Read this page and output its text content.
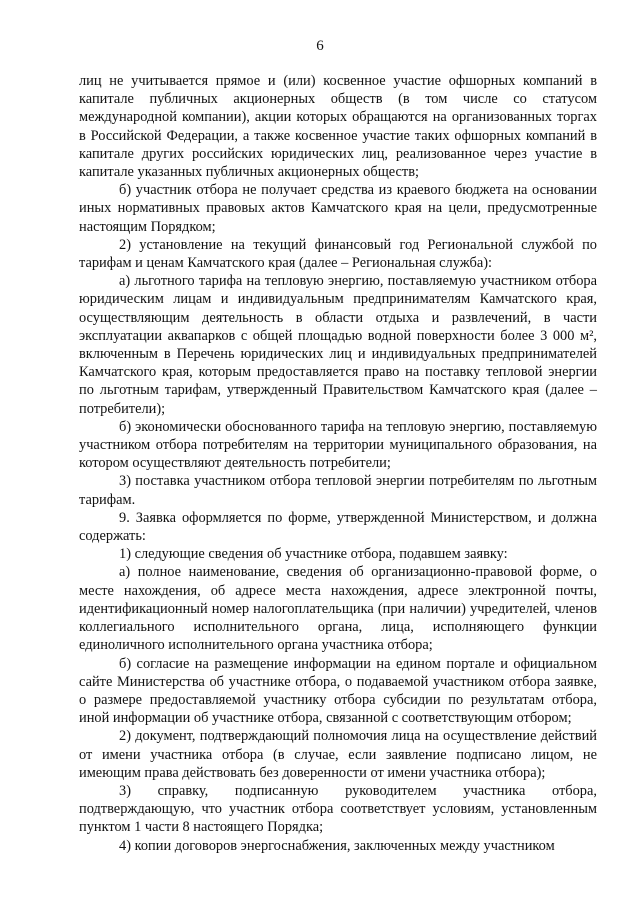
6

лиц не учитывается прямое и (или) косвенное участие офшорных компаний в капитале публичных акционерных обществ (в том числе со статусом международной компании), акции которых обращаются на организованных торгах в Российской Федерации, а также косвенное участие таких офшорных компаний в капитале других российских юридических лиц, реализованное через участие в капитале указанных публичных акционерных обществ;

б) участник отбора не получает средства из краевого бюджета на основании иных нормативных правовых актов Камчатского края на цели, предусмотренные настоящим Порядком;

2) установление на текущий финансовый год Региональной службой по тарифам и ценам Камчатского края (далее – Региональная служба):

а) льготного тарифа на тепловую энергию, поставляемую участником отбора юридическим лицам и индивидуальным предпринимателям Камчатского края, осуществляющим деятельность в области отдыха и развлечений, в части эксплуатации аквапарков с общей площадью водной поверхности более 3 000 м², включенным в Перечень юридических лиц и индивидуальных предпринимателей Камчатского края, которым предоставляется право на поставку тепловой энергии по льготным тарифам, утвержденный Правительством Камчатского края (далее – потребители);

б) экономически обоснованного тарифа на тепловую энергию, поставляемую участником отбора потребителям на территории муниципального образования, на котором осуществляют деятельность потребители;

3) поставка участником отбора тепловой энергии потребителям по льготным тарифам.

9. Заявка оформляется по форме, утвержденной Министерством, и должна содержать:

1) следующие сведения об участнике отбора, подавшем заявку:

а) полное наименование, сведения об организационно-правовой форме, о месте нахождения, об адресе места нахождения, адресе электронной почты, идентификационный номер налогоплательщика (при наличии) учредителей, членов коллегиального исполнительного органа, лица, исполняющего функции единоличного исполнительного органа участника отбора;

б) согласие на размещение информации на едином портале и официальном сайте Министерства об участнике отбора, о подаваемой участником отбора заявке, о размере предоставляемой участнику отбора субсидии по результатам отбора, иной информации об участнике отбора, связанной с соответствующим отбором;

2) документ, подтверждающий полномочия лица на осуществление действий от имени участника отбора (в случае, если заявление подписано лицом, не имеющим права действовать без доверенности от имени участника отбора);

3) справку, подписанную руководителем участника отбора, подтверждающую, что участник отбора соответствует условиям, установленным пунктом 1 части 8 настоящего Порядка;

4) копии договоров энергоснабжения, заключенных между участником
